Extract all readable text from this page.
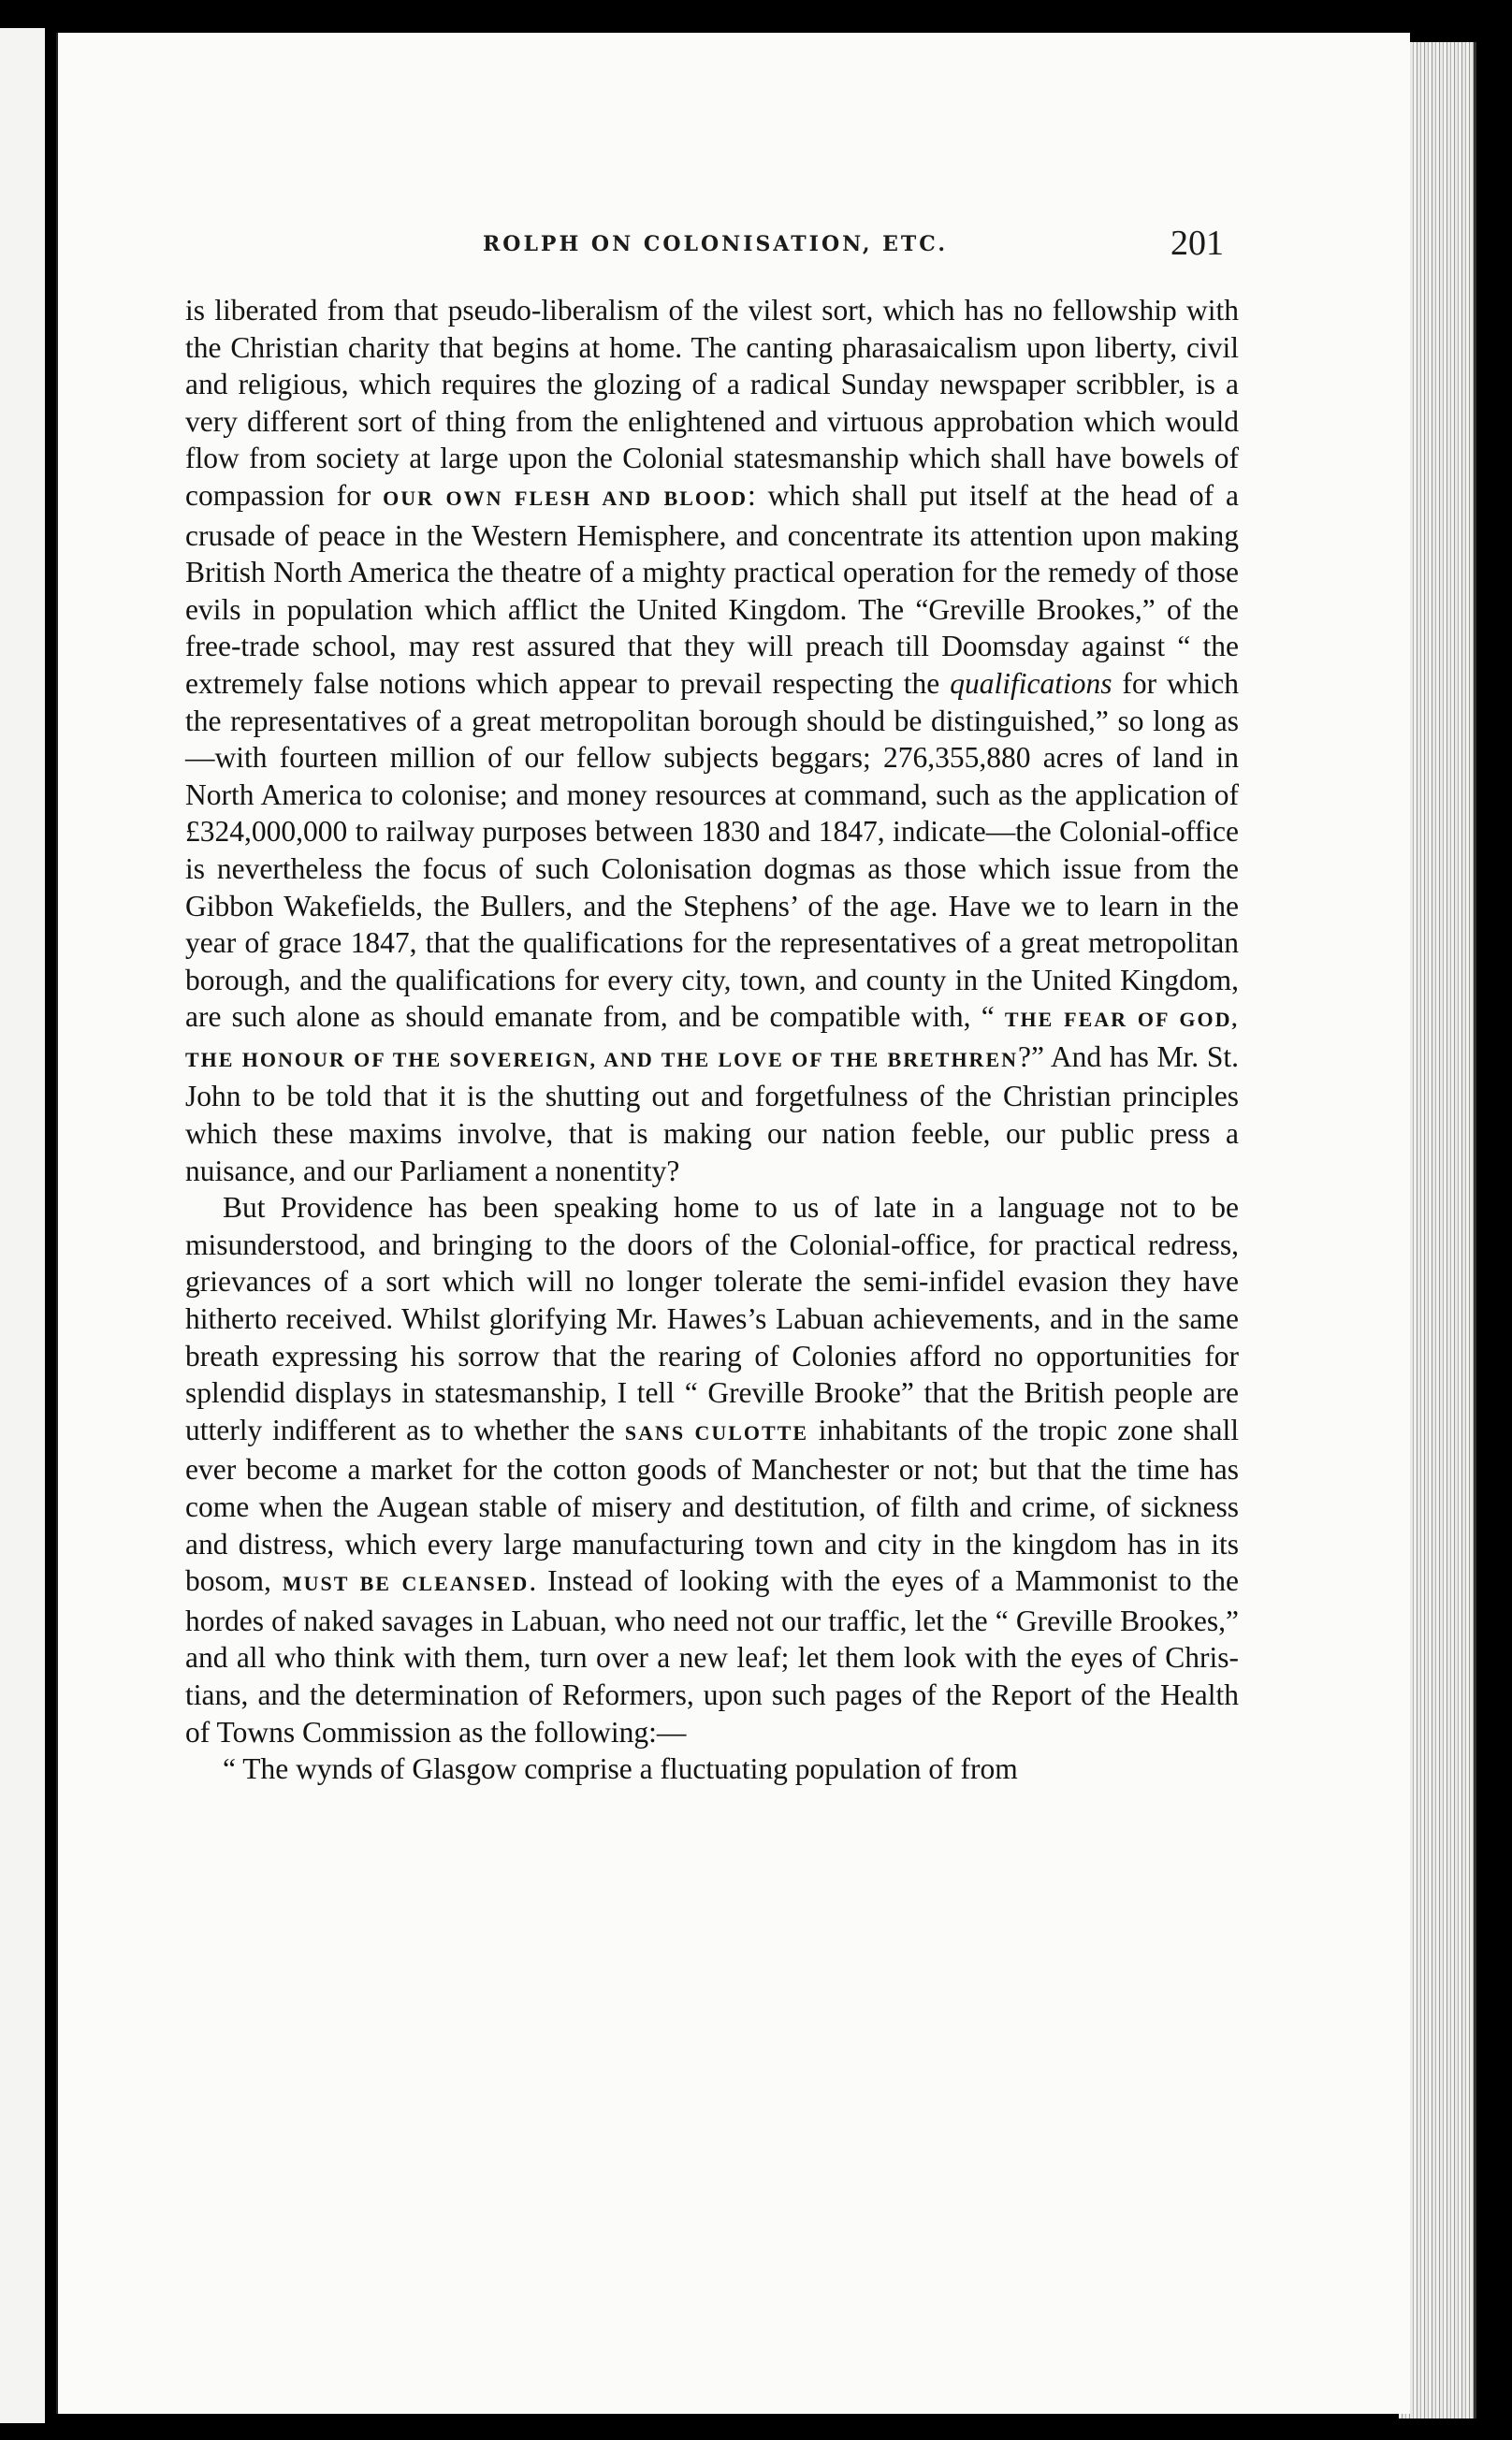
ROLPH ON COLONISATION, ETC.	201

is liberated from that pseudo-liberalism of the vilest sort, which has no fellowship with the Christian charity that begins at home. The canting pharasaicalism upon liberty, civil and religious, which requires the glozing of a radical Sunday newspaper scribbler, is a very different sort of thing from the enlightened and virtuous approbation which would flow from society at large upon the Colonial statesmanship which shall have bowels of compassion for OUR OWN FLESH AND BLOOD: which shall put itself at the head of a crusade of peace in the Western Hemisphere, and concentrate its attention upon making British North America the theatre of a mighty practical operation for the remedy of those evils in population which afflict the United Kingdom. The “Greville Brookes,” of the free-trade school, may rest assured that they will preach till Doomsday against “ the extremely false notions which appear to prevail respecting the qualifications for which the representatives of a great metropolitan borough should be distinguished,” so long as—with fourteen million of our fellow subjects beggars; 276,355,880 acres of land in North America to colonise; and money resources at command, such as the application of £324,000,000 to railway purposes between 1830 and 1847, indicate—the Colonial-office is nevertheless the focus of such Colonisation dogmas as those which issue from the Gibbon Wakefields, the Bullers, and the Stephens’ of the age. Have we to learn in the year of grace 1847, that the qualifications for the representatives of a great metropolitan borough, and the qualifications for every city, town, and county in the United Kingdom, are such alone as should emanate from, and be compatible with, “ THE FEAR OF GOD, THE HONOUR OF THE SOVEREIGN, AND THE LOVE OF THE BRETHREN?” And has Mr. St. John to be told that it is the shutting out and forgetfulness of the Christian principles which these maxims involve, that is making our nation feeble, our public press a nuisance, and our Parliament a nonentity?

But Providence has been speaking home to us of late in a language not to be misunderstood, and bringing to the doors of the Colonial-office, for practical redress, grievances of a sort which will no longer tolerate the semi-infidel evasion they have hitherto received. Whilst glorifying Mr. Hawes’s Labuan achievements, and in the same breath expressing his sorrow that the rearing of Colonies afford no opportunities for splendid displays in statesmanship, I tell “ Greville Brooke” that the British people are utterly indifferent as to whether the SANS CULOTTE inhabitants of the tropic zone shall ever become a market for the cotton goods of Manchester or not; but that the time has come when the Augean stable of misery and destitution, of filth and crime, of sickness and distress, which every large manufacturing town and city in the kingdom has in its bosom, MUST BE CLEANSED. Instead of looking with the eyes of a Mammonist to the hordes of naked savages in Labuan, who need not our traffic, let the “ Greville Brookes,” and all who think with them, turn over a new leaf; let them look with the eyes of Christians, and the determination of Reformers, upon such pages of the Report of the Health of Towns Commission as the following:—

“ The wynds of Glasgow comprise a fluctuating population of from
